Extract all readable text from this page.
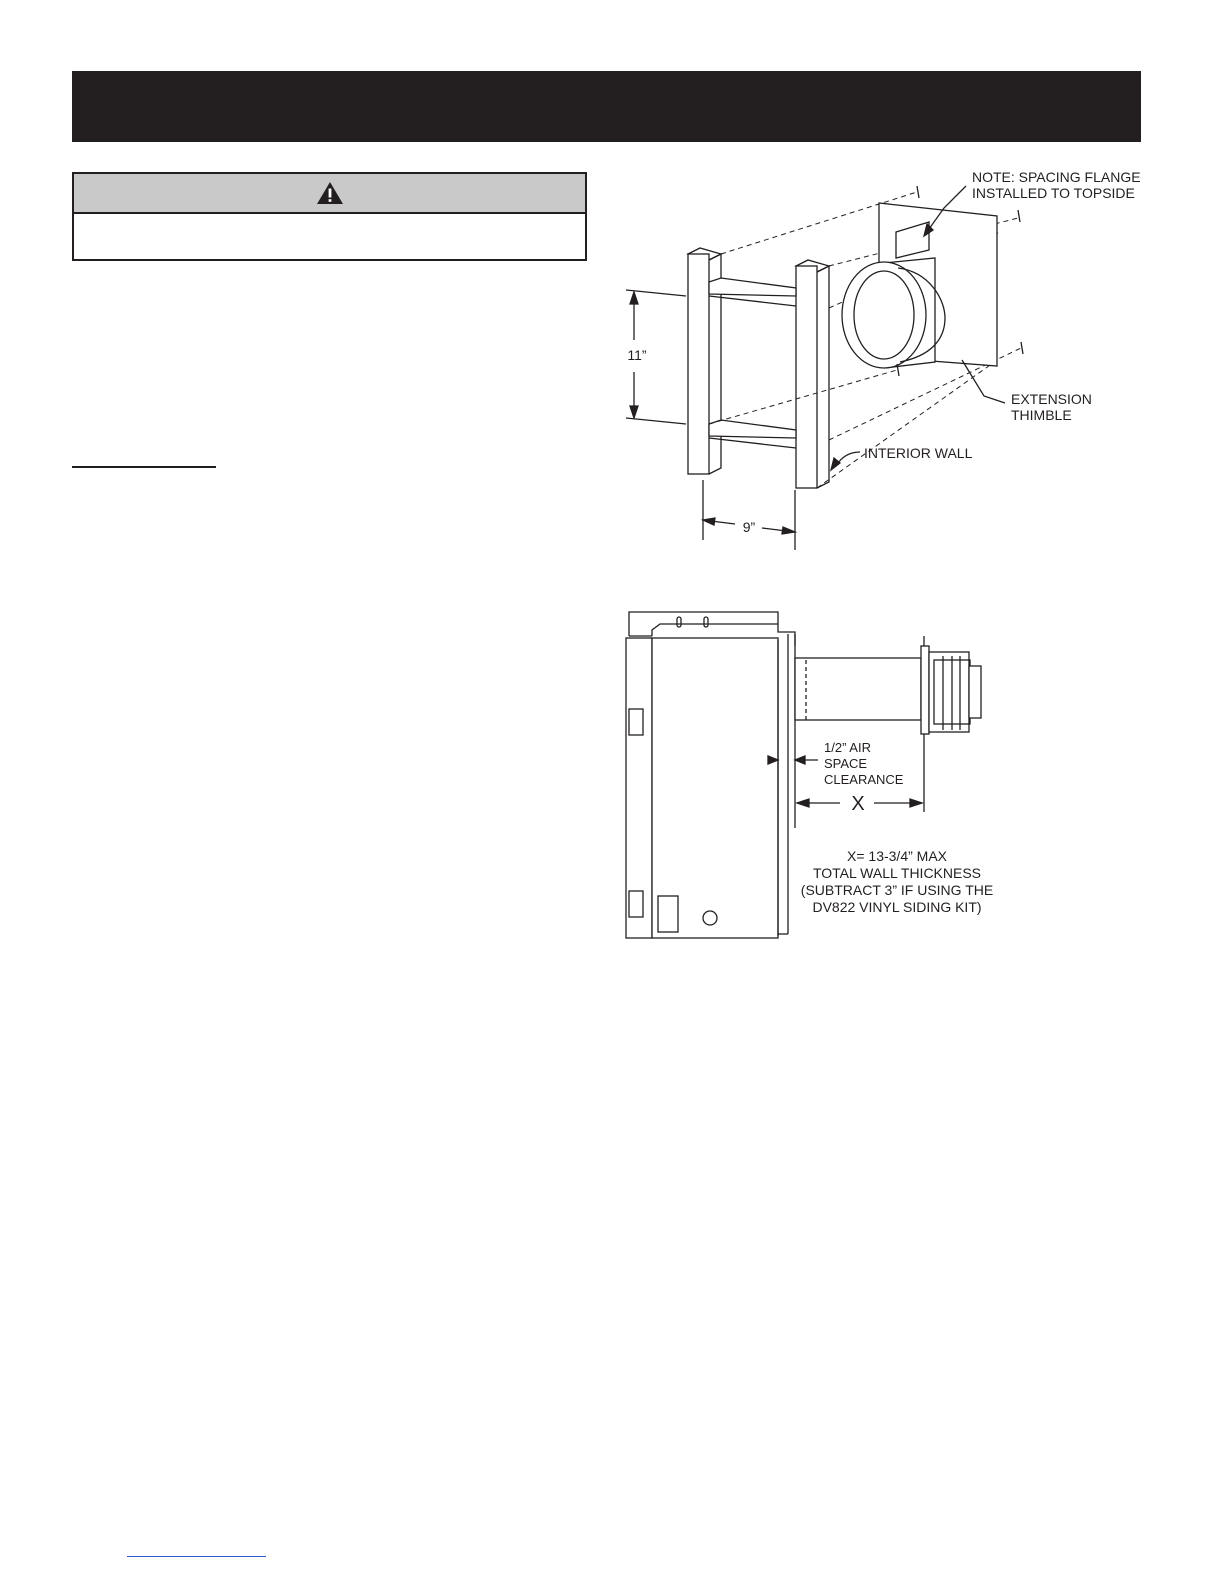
11”
9”
NOTE: SPACING FLANGE
INSTALLED TO TOPSIDE
EXTENSION
THIMBLE
INTERIOR WALL
1/2” AIR
SPACE
CLEARANCE
X
X= 13-3/4” MAX
TOTAL WALL THICKNESS
(SUBTRACT 3” IF USING THE
DV822 VINYL SIDING KIT)
